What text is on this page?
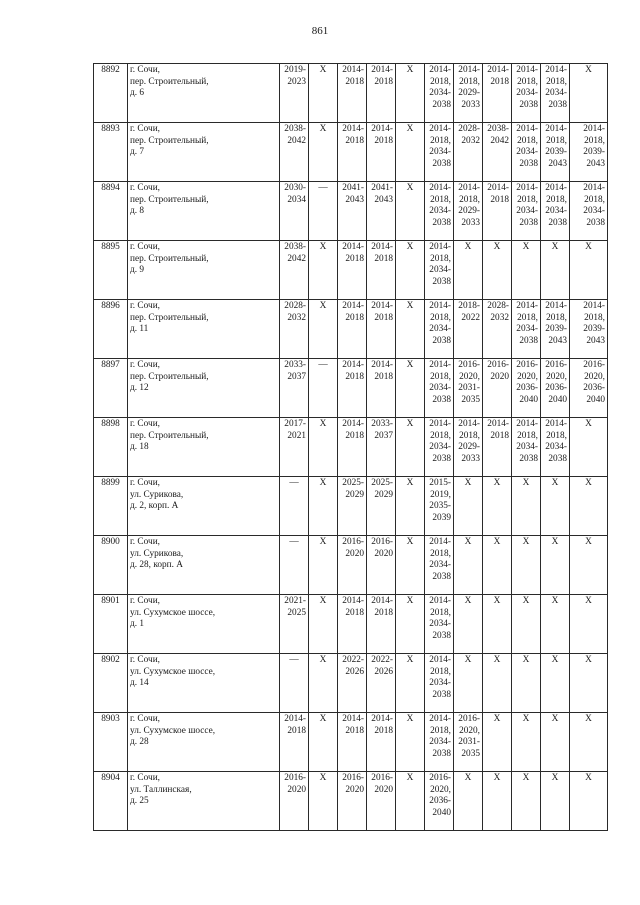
861
8892	г. Сочи,
пер. Строительный,
д. 6	2019-
2023	X	2014-
2018	2014-
2018	X	2014-
2018,
2034-
2038	2014-
2018,
2029-
2033	2014-
2018	2014-
2018,
2034-
2038	2014-
2018,
2034-
2038	X
8893	г. Сочи,
пер. Строительный,
д. 7	2038-
2042	X	2014-
2018	2014-
2018	X	2014-
2018,
2034-
2038	2028-
2032	2038-
2042	2014-
2018,
2034-
2038	2014-
2018,
2039-
2043	2014-
2018,
2039-
2043
8894	г. Сочи,
пер. Строительный,
д. 8	2030-
2034	—	2041-
2043	2041-
2043	X	2014-
2018,
2034-
2038	2014-
2018,
2029-
2033	2014-
2018	2014-
2018,
2034-
2038	2014-
2018,
2034-
2038	2014-
2018,
2034-
2038
8895	г. Сочи,
пер. Строительный,
д. 9	2038-
2042	X	2014-
2018	2014-
2018	X	2014-
2018,
2034-
2038	X	X	X	X	X
8896	г. Сочи,
пер. Строительный,
д. 11	2028-
2032	X	2014-
2018	2014-
2018	X	2014-
2018,
2034-
2038	2018-
2022	2028-
2032	2014-
2018,
2034-
2038	2014-
2018,
2039-
2043	2014-
2018,
2039-
2043
8897	г. Сочи,
пер. Строительный,
д. 12	2033-
2037	—	2014-
2018	2014-
2018	X	2014-
2018,
2034-
2038	2016-
2020,
2031-
2035	2016-
2020	2016-
2020,
2036-
2040	2016-
2020,
2036-
2040	2016-
2020,
2036-
2040
8898	г. Сочи,
пер. Строительный,
д. 18	2017-
2021	X	2014-
2018	2033-
2037	X	2014-
2018,
2034-
2038	2014-
2018,
2029-
2033	2014-
2018	2014-
2018,
2034-
2038	2014-
2018,
2034-
2038	X
8899	г. Сочи,
ул. Сурикова,
д. 2, корп. А	—	X	2025-
2029	2025-
2029	X	2015-
2019,
2035-
2039	X	X	X	X	X
8900	г. Сочи,
ул. Сурикова,
д. 28, корп. А	—	X	2016-
2020	2016-
2020	X	2014-
2018,
2034-
2038	X	X	X	X	X
8901	г. Сочи,
ул. Сухумское шоссе,
д. 1	2021-
2025	X	2014-
2018	2014-
2018	X	2014-
2018,
2034-
2038	X	X	X	X	X
8902	г. Сочи,
ул. Сухумское шоссе,
д. 14	—	X	2022-
2026	2022-
2026	X	2014-
2018,
2034-
2038	X	X	X	X	X
8903	г. Сочи,
ул. Сухумское шоссе,
д. 28	2014-
2018	X	2014-
2018	2014-
2018	X	2014-
2018,
2034-
2038	2016-
2020,
2031-
2035	X	X	X	X
8904	г. Сочи,
ул. Таллинская,
д. 25	2016-
2020	X	2016-
2020	2016-
2020	X	2016-
2020,
2036-
2040	X	X	X	X	X
